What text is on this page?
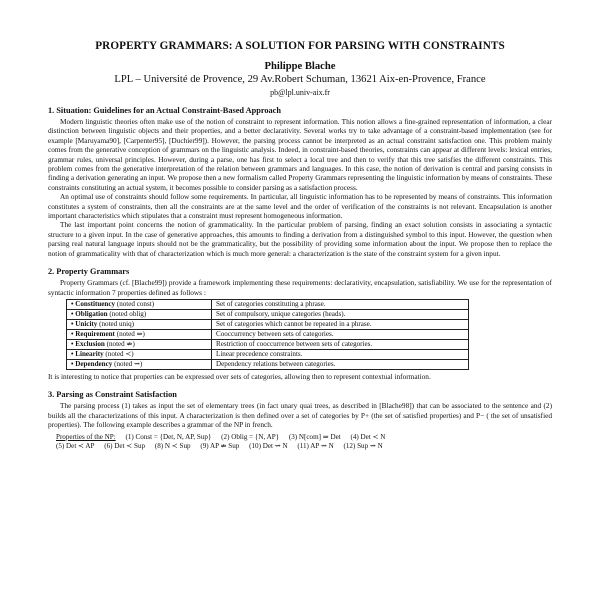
PROPERTY GRAMMARS: A SOLUTION FOR PARSING WITH CONSTRAINTS
Philippe Blache
LPL – Université de Provence, 29 Av.Robert Schuman, 13621 Aix-en-Provence, France
pb@lpl.univ-aix.fr
1. Situation: Guidelines for an Actual Constraint-Based Approach

Modern linguistic theories often make use of the notion of constraint to represent information. This notion allows a fine-grained representation of information, a clear distinction between linguistic objects and their properties, and a better declarativity. Several works try to take advantage of a constraint-based implementation (see for example [Maruyama90], [Carpenter95], [Duchier99]). However, the parsing process cannot be interpreted as an actual constraint satisfaction one. This problem mainly comes from the generative conception of grammars on the linguistic analysis. Indeed, in constraint-based theories, constraints can appear at different levels: lexical entries, grammar rules, universal principles. However, during a parse, one has first to select a local tree and then to verify that this tree satisfies the different constraints. This problem comes from the generative interpretation of the relation between grammars and languages. In this case, the notion of derivation is central and parsing consists in finding a derivation generating an input. We propose then a new formalism called Property Grammars representing the linguistic information by means of constraints. These constraints constituting an actual system, it becomes possible to consider parsing as a satisfaction process.

An optimal use of constraints should follow some requirements. In particular, all linguistic information has to be represented by means of constraints. This information constitutes a system of constraints, then all the constraints are at the same level and the order of verification of the constraints is not relevant. Encapsulation is another important characteristics which stipulates that a constraint must represent homogeneous information.

The last important point concerns the notion of grammaticality. In the particular problem of parsing, finding an exact solution consists in associating a syntactic structure to a given input. In the case of generative approaches, this amounts to finding a derivation from a distinguished symbol to this input. However, the question when parsing real natural language inputs should not be the grammaticality, but the possibility of providing some information about the input. We propose then to replace the notion of grammaticality with that of characterization which is much more general: a characterization is the state of the constraint system for a given input.

2. Property Grammars

Property Grammars (cf. [Blache99]) provide a framework implementing these requirements: declarativity, encapsulation, satisfiability. We use for the representation of syntactic information 7 properties defined as follows :

• Constituency (noted const)	Set of categories constituting a phrase.
• Obligation (noted oblig)	Set of compulsory, unique categories (heads).
• Unicity (noted uniq)	Set of categories which cannot be repeated in a phrase.
• Requirement (noted ⇒)	Cooccurrency between sets of categories.
• Exclusion (noted ⇏)	Restriction of cooccurrence between sets of categories.
• Linearity (noted ≺)	Linear precedence constraints.
• Dependency (noted ⇝)	Dependency relations between categories.

It is interesting to notice that properties can be expressed over sets of categories, allowing then to represent contextual information.

3. Parsing as Constraint Satisfaction

The parsing process (1) takes as input the set of elementary trees (in fact unary quai trees, as described in [Blache98]) that can be associated to the sentence and (2) builds all the characterizations of this input. A characterization is then defined over a set of categories by P+ (the set of satisfied properties) and P− ( the set of unsatisfied properties). The following example describes a grammar of the NP in french.

Properties of the NP: (1) Const = {Det, N, AP, Sup} (2) Oblig = {N, AP} (3) N[com] ⇒ Det (4) Det ≺ N
(5) Det ≺ AP (6) Det ≺ Sup (8) N ≺ Sup (9) AP ⇏ Sup (10) Det ⇝ N (11) AP ⇝ N (12) Sup ⇝ N
